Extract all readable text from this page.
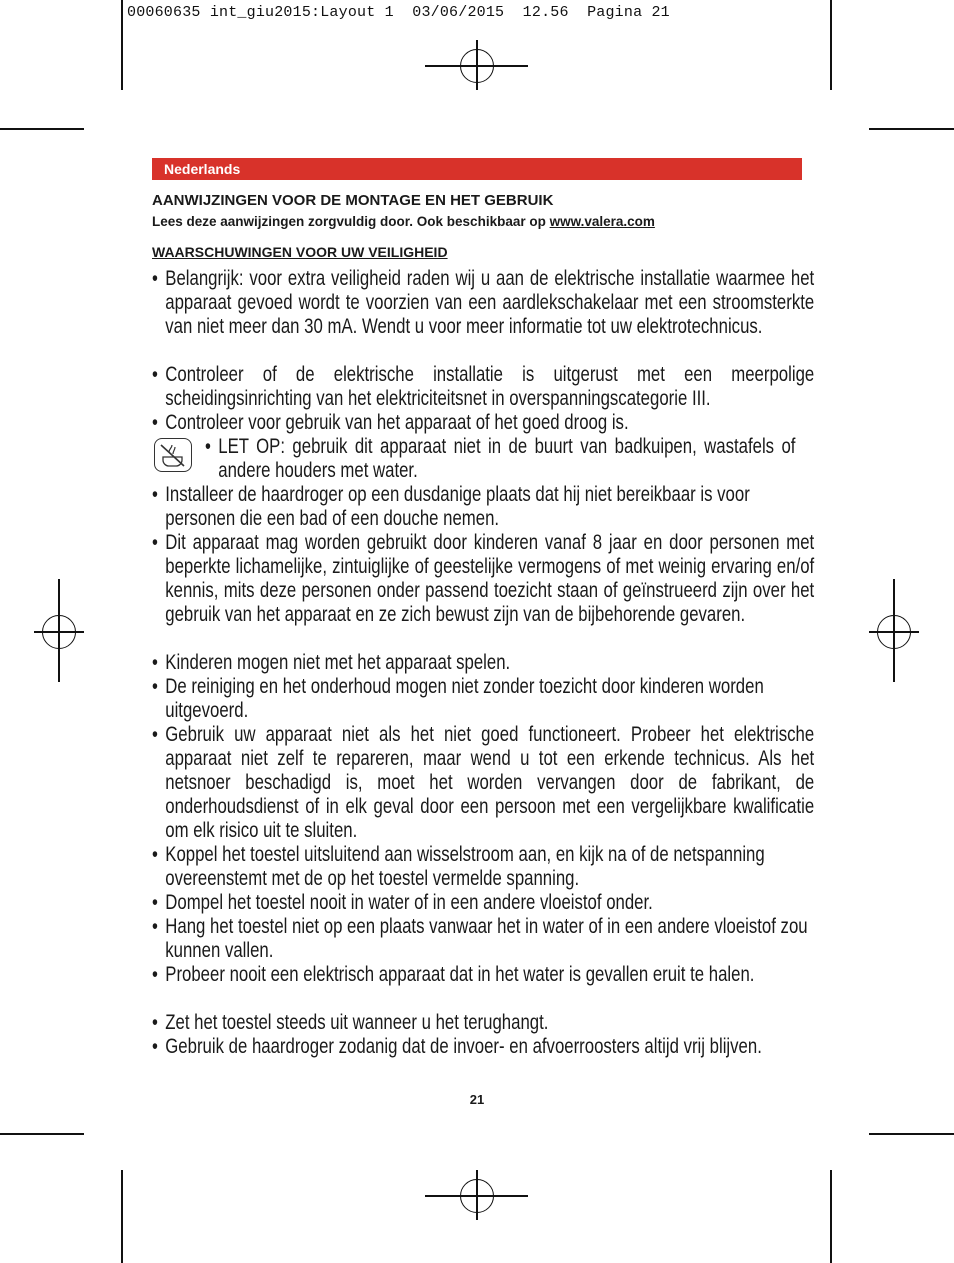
00060635 int_giu2015:Layout 1  03/06/2015  12.56  Pagina 21
Nederlands
AANWIJZINGEN VOOR DE MONTAGE EN HET GEBRUIK
Lees deze aanwijzingen zorgvuldig door. Ook beschikbaar op www.valera.com
WAARSCHUWINGEN VOOR UW VEILIGHEID
• Belangrijk: voor extra veiligheid raden wij u aan de elektrische installatie waarmee het apparaat gevoed wordt te voorzien van een aardlekschakelaar met een stroomsterkte van niet meer dan 30 mA. Wendt u voor meer informatie tot uw elektrotechnicus.
• Controleer of de elektrische installatie is uitgerust met een meerpolige scheidingsinrichting van het elektriciteitsnet in overspanningscategorie III.
• Controleer voor gebruik van het apparaat of het goed droog is.
• LET OP: gebruik dit apparaat niet in de buurt van badkuipen, wastafels of andere houders met water.
• Installeer de haardroger op een dusdanige plaats dat hij niet bereikbaar is voor personen die een bad of een douche nemen.
• Dit apparaat mag worden gebruikt door kinderen vanaf 8 jaar en door personen met beperkte lichamelijke, zintuiglijke of geestelijke vermogens of met weinig ervaring en/of kennis, mits deze personen onder passend toezicht staan of geïnstrueerd zijn over het gebruik van het apparaat en ze zich bewust zijn van de bijbehorende gevaren.
• Kinderen mogen niet met het apparaat spelen.
• De reiniging en het onderhoud mogen niet zonder toezicht door kinderen worden uitgevoerd.
• Gebruik uw apparaat niet als het niet goed functioneert. Probeer het elektrische apparaat niet zelf te repareren, maar wend u tot een erkende technicus. Als het netsnoer beschadigd is, moet het worden vervangen door de fabrikant, de onderhoudsdienst of in elk geval door een persoon met een vergelijkbare kwalificatie om elk risico uit te sluiten.
• Koppel het toestel uitsluitend aan wisselstroom aan, en kijk na of de netspanning overeenstemt met de op het toestel vermelde spanning.
• Dompel het toestel nooit in water of in een andere vloeistof onder.
• Hang het toestel niet op een plaats vanwaar het in water of in een andere vloeistof zou kunnen vallen.
• Probeer nooit een elektrisch apparaat dat in het water is gevallen eruit te halen.
• Zet het toestel steeds uit wanneer u het terughangt.
• Gebruik de haardroger zodanig dat de invoer- en afvoerroosters altijd vrij blijven.
21
